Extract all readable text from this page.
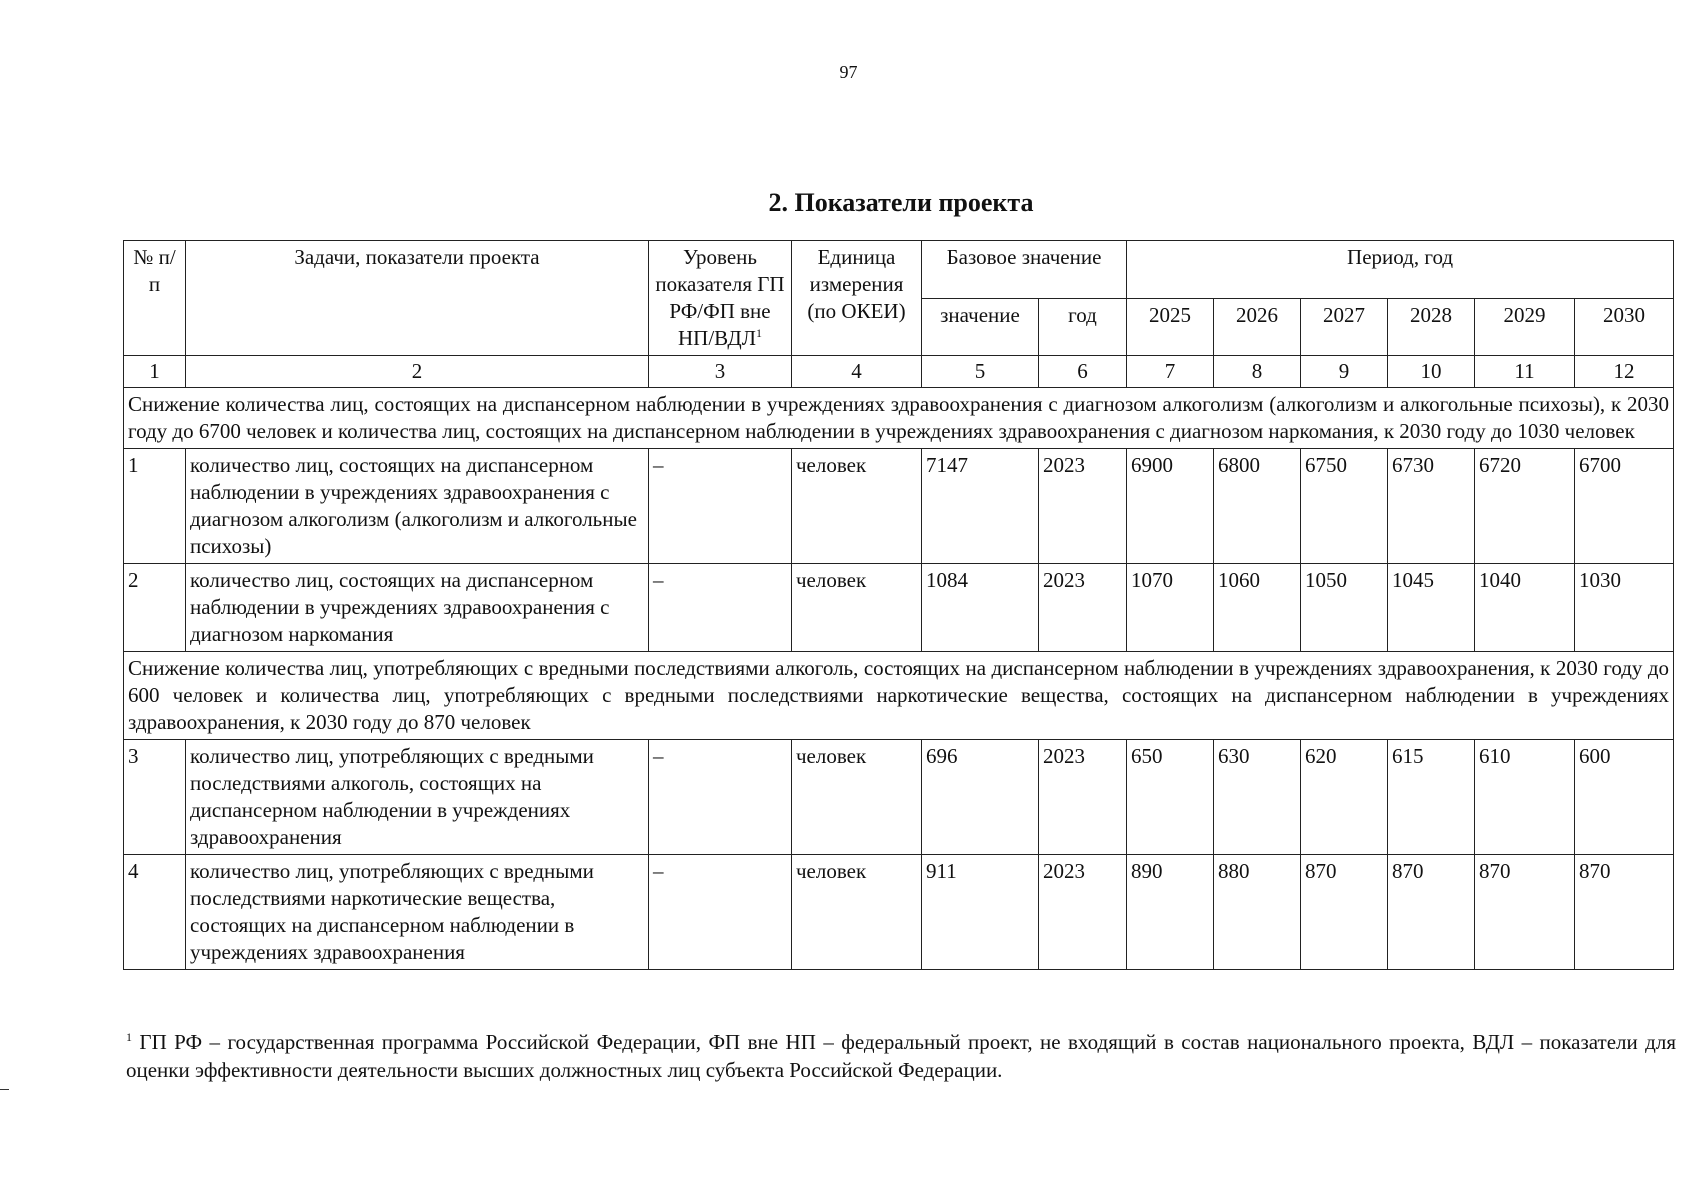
97
2. Показатели проекта
№ п/п	Задачи, показатели проекта	Уровень показателя ГП РФ/ФП вне НП/ВДЛ$^1$	Единица измерения (по ОКЕИ)	Базовое значение		Период, год					
				значение	год	2025	2026	2027	2028	2029	2030
1	2	3	4	5	6	7	8	9	10	11	12
Снижение количества лиц, состоящих на диспансерном наблюдении в учреждениях здравоохранения с диагнозом алкоголизм (алкоголизм и алкогольные психозы), к 2030 году до 6700 человек и количества лиц, состоящих на диспансерном наблюдении в учреждениях здравоохранения с диагнозом наркомания, к 2030 году до 1030 человек											
1	количество лиц, состоящих на диспансерном наблюдении в учреждениях здравоохранения с диагнозом алкоголизм (алкоголизм и алкогольные психозы)	–	человек	7147	2023	6900	6800	6750	6730	6720	6700
2	количество лиц, состоящих на диспансерном наблюдении в учреждениях здравоохранения с диагнозом наркомания	–	человек	1084	2023	1070	1060	1050	1045	1040	1030
Снижение количества лиц, употребляющих с вредными последствиями алкоголь, состоящих на диспансерном наблюдении в учреждениях здравоохранения, к 2030 году до 600 человек и количества лиц, употребляющих с вредными последствиями наркотические вещества, состоящих на диспансерном наблюдении в учреждениях здравоохранения, к 2030 году до 870 человек											
3	количество лиц, употребляющих с вредными последствиями алкоголь, состоящих на диспансерном наблюдении в учреждениях здравоохранения	–	человек	696	2023	650	630	620	615	610	600
4	количество лиц, употребляющих с вредными последствиями наркотические вещества, состоящих на диспансерном наблюдении в учреждениях здравоохранения	–	человек	911	2023	890	880	870	870	870	870
$^1$ ГП РФ – государственная программа Российской Федерации, ФП вне НП – федеральный проект, не входящий в состав национального проекта, ВДЛ – показатели для оценки эффективности деятельности высших должностных лиц субъекта Российской Федерации.
